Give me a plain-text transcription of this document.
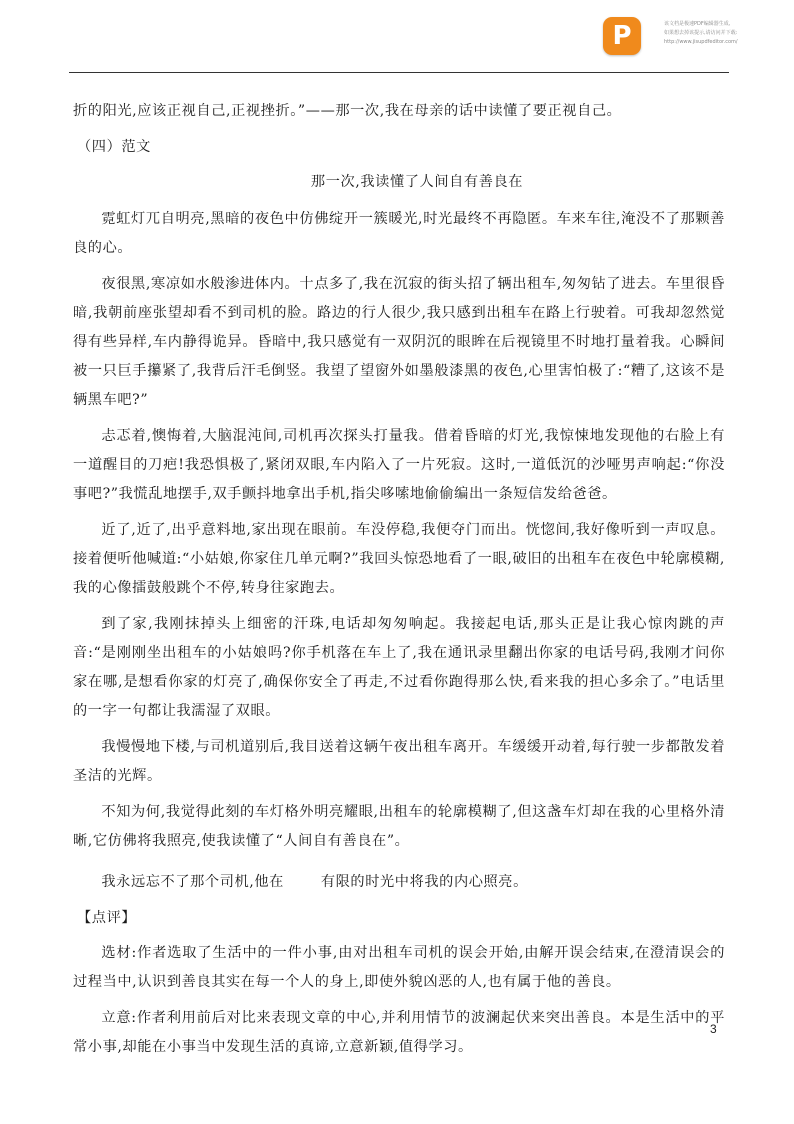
P	该文档是极速PDF编辑器生成,
如果想去掉该提示,请访问并下载:
http://www.jisupdfeditor.com/

折的阳光,应该正视自己,正视挫折。”——那一次,我在母亲的话中读懂了要正视自己。

（四）范文

那一次,我读懂了人间自有善良在

霓虹灯兀自明亮,黑暗的夜色中仿佛绽开一簇暖光,时光最终不再隐匿。车来车往,淹没不了那颗善良的心。

夜很黑,寒凉如水般渗进体内。十点多了,我在沉寂的街头招了辆出租车,匆匆钻了进去。车里很昏暗,我朝前座张望却看不到司机的脸。路边的行人很少,我只感到出租车在路上行驶着。可我却忽然觉得有些异样,车内静得诡异。昏暗中,我只感觉有一双阴沉的眼眸在后视镜里不时地打量着我。心瞬间被一只巨手攥紧了,我背后汗毛倒竖。我望了望窗外如墨般漆黑的夜色,心里害怕极了:“糟了,这该不是辆黑车吧?”

忐忑着,懊悔着,大脑混沌间,司机再次探头打量我。借着昏暗的灯光,我惊悚地发现他的右脸上有一道醒目的刀疤!我恐惧极了,紧闭双眼,车内陷入了一片死寂。这时,一道低沉的沙哑男声响起:“你没事吧?”我慌乱地摆手,双手颤抖地拿出手机,指尖哆嗦地偷偷编出一条短信发给爸爸。

近了,近了,出乎意料地,家出现在眼前。车没停稳,我便夺门而出。恍惚间,我好像听到一声叹息。接着便听他喊道:“小姑娘,你家住几单元啊?”我回头惊恐地看了一眼,破旧的出租车在夜色中轮廓模糊,我的心像擂鼓般跳个不停,转身往家跑去。

到了家,我刚抹掉头上细密的汗珠,电话却匆匆响起。我接起电话,那头正是让我心惊肉跳的声音:“是刚刚坐出租车的小姑娘吗?你手机落在车上了,我在通讯录里翻出你家的电话号码,我刚才问你家在哪,是想看你家的灯亮了,确保你安全了再走,不过看你跑得那么快,看来我的担心多余了。”电话里的一字一句都让我濡湿了双眼。

我慢慢地下楼,与司机道别后,我目送着这辆午夜出租车离开。车缓缓开动着,每行驶一步都散发着圣洁的光辉。

不知为何,我觉得此刻的车灯格外明亮耀眼,出租车的轮廓模糊了,但这盏车灯却在我的心里格外清晰,它仿佛将我照亮,使我读懂了“人间自有善良在”。

我永远忘不了那个司机,他在	有限的时光中将我的内心照亮。

【点评】

选材:作者选取了生活中的一件小事,由对出租车司机的误会开始,由解开误会结束,在澄清误会的过程当中,认识到善良其实在每一个人的身上,即使外貌凶恶的人,也有属于他的善良。

立意:作者利用前后对比来表现文章的中心,并利用情节的波澜起伏来突出善良。本是生活中的平常小事,却能在小事当中发现生活的真谛,立意新颖,值得学习。

3
